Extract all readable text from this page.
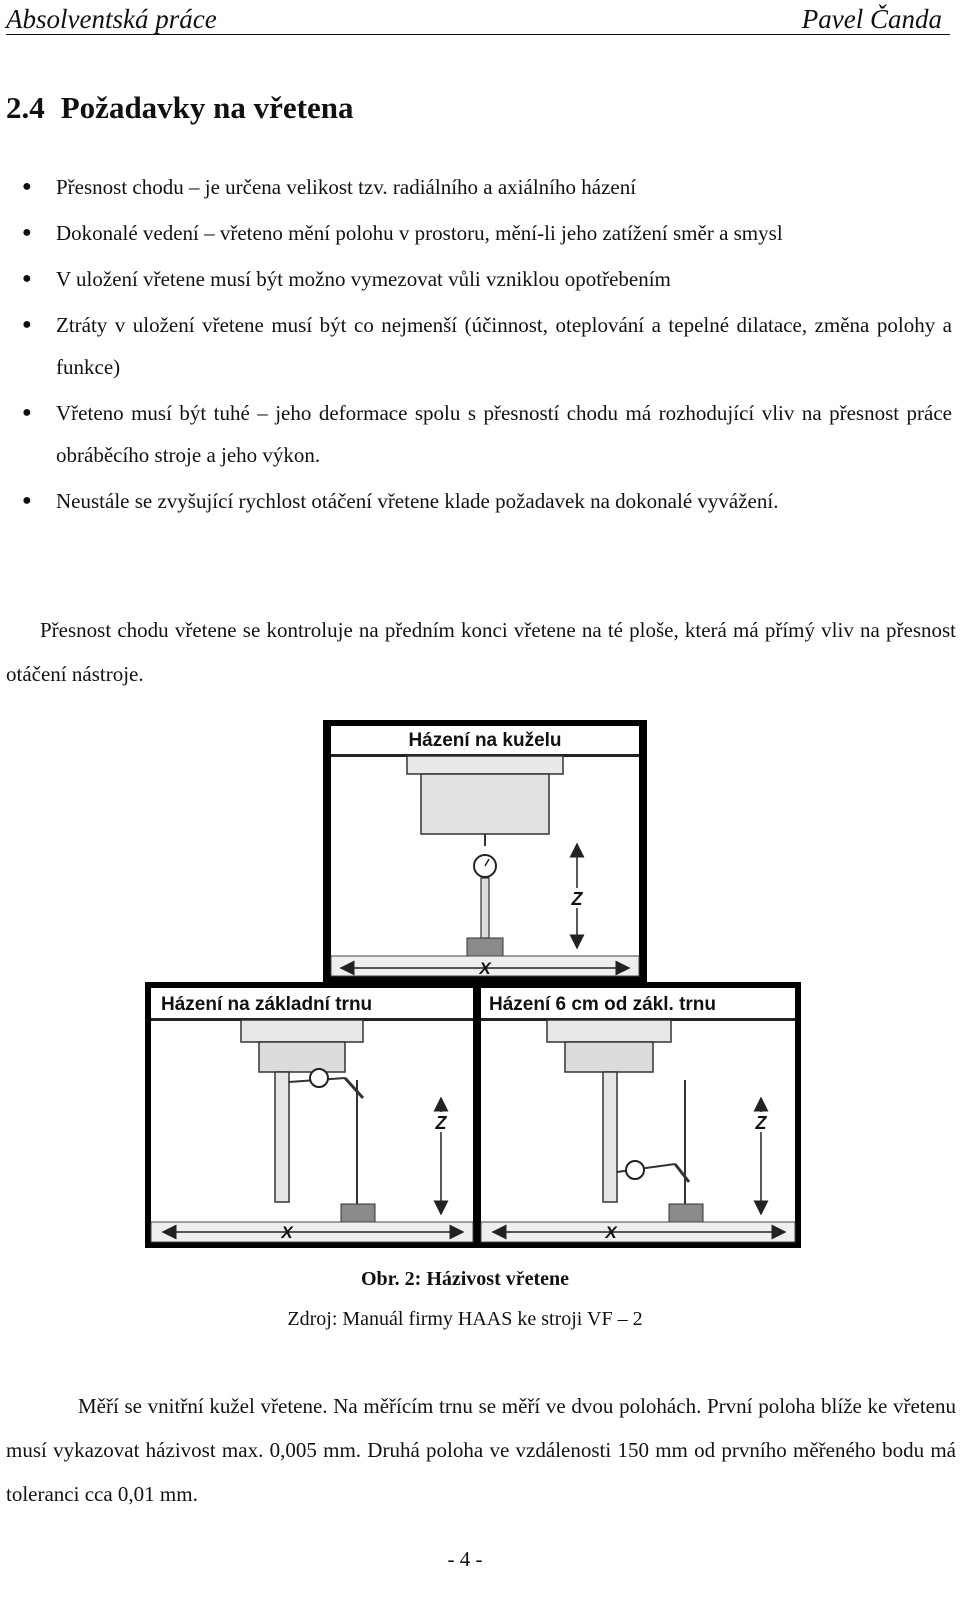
Absolventská práce	Pavel Čanda
2.4 Požadavky na vřetena
● Přesnost chodu – je určena velikost tzv. radiálního a axiálního házení
● Dokonalé vedení – vřeteno mění polohu v prostoru, mění-li jeho zatížení směr a smysl
● V uložení vřetene musí být možno vymezovat vůli vzniklou opotřebením
● Ztráty v uložení vřetene musí být co nejmenší (účinnost, oteplování a tepelné dilatace, změna polohy a funkce)
● Vřeteno musí být tuhé – jeho deformace spolu s přesností chodu má rozhodující vliv na přesnost práce obráběcího stroje a jeho výkon.
● Neustále se zvyšující rychlost otáčení vřetene klade požadavek na dokonalé vyvážení.

Přesnost chodu vřetene se kontroluje na předním konci vřetene na té ploše, která má přímý vliv na přesnost otáčení nástroje.

Házení na kuželu
X
Z
Házení na základní trnu
X
Z
Házení 6 cm od zákl. trnu
X
Z
Obr. 2: Házivost vřetene
Zdroj: Manuál firmy HAAS ke stroji VF – 2

Měří se vnitřní kužel vřetene. Na měřícím trnu se měří ve dvou polohách. První poloha blíže ke vřetenu musí vykazovat házivost max. 0,005 mm. Druhá poloha ve vzdálenosti 150 mm od prvního měřeného bodu má toleranci cca 0,01 mm.

- 4 -
